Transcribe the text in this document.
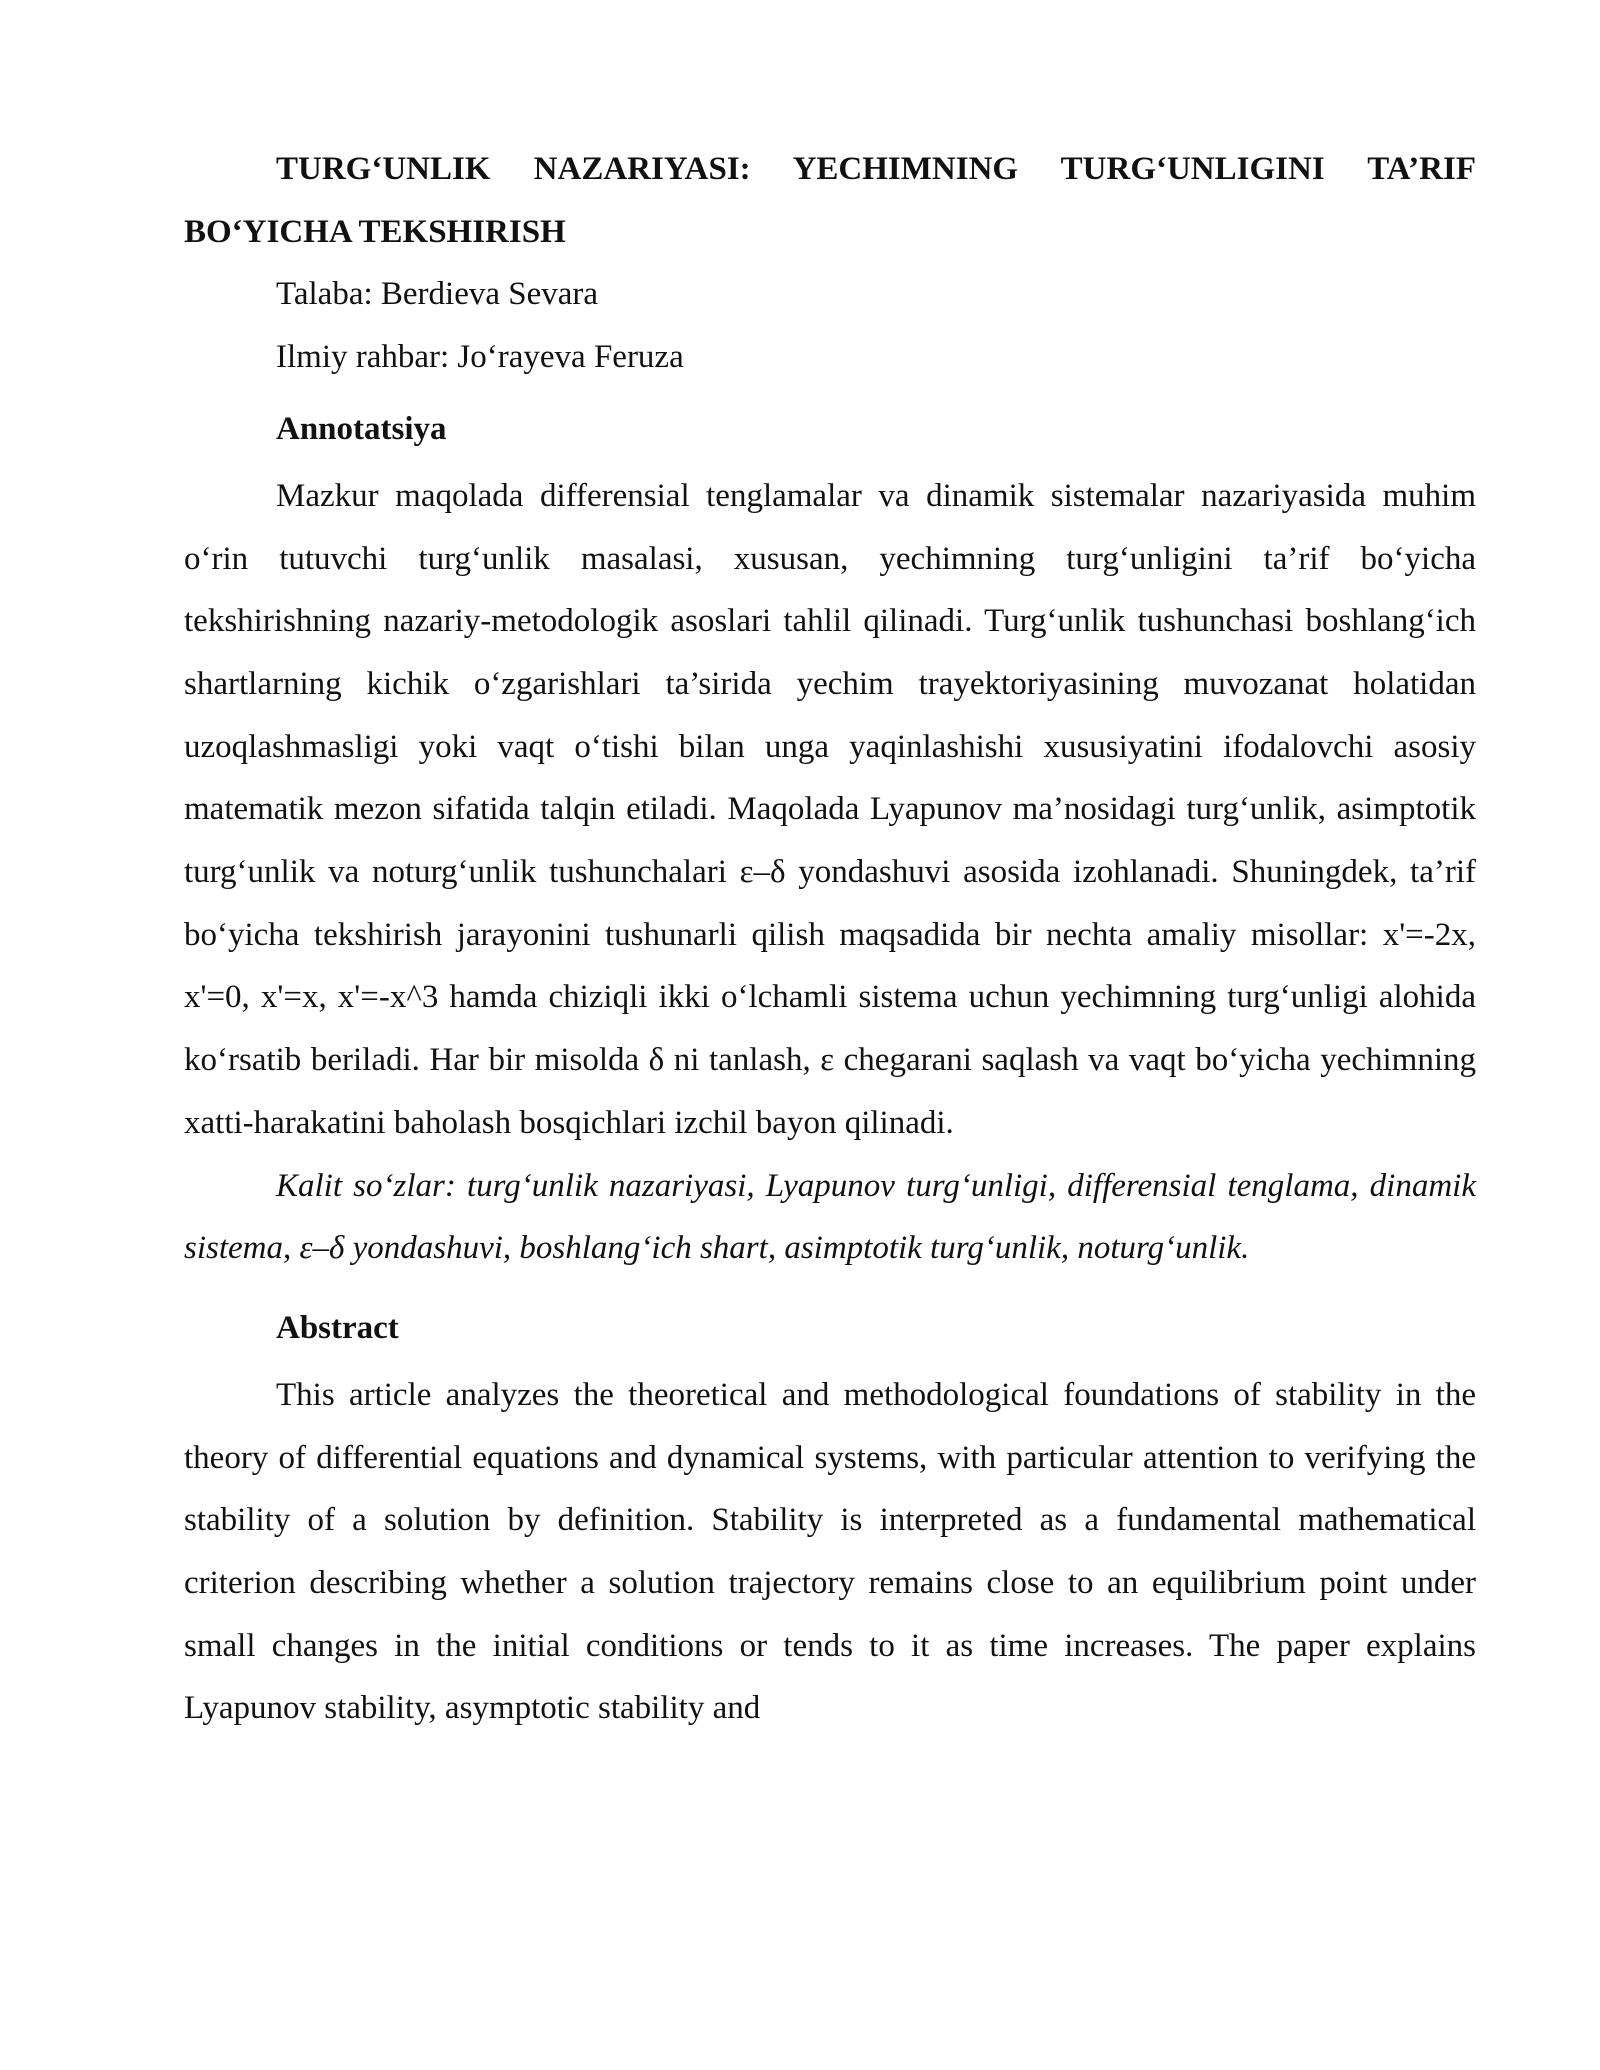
TURG‘UNLIK NAZARIYASI: YECHIMNING TURG‘UNLIGINI TA’RIF BO‘YICHA TEKSHIRISH

Talaba: Berdieva Sevara

Ilmiy rahbar: Jo‘rayeva Feruza

Annotatsiya

Mazkur maqolada differensial tenglamalar va dinamik sistemalar nazariyasida muhim o‘rin tutuvchi turg‘unlik masalasi, xususan, yechimning turg‘unligini ta’rif bo‘yicha tekshirishning nazariy-metodologik asoslari tahlil qilinadi. Turg‘unlik tushunchasi boshlang‘ich shartlarning kichik o‘zgarishlari ta’sirida yechim trayektoriyasining muvozanat holatidan uzoqlashmasligi yoki vaqt o‘tishi bilan unga yaqinlashishi xususiyatini ifodalovchi asosiy matematik mezon sifatida talqin etiladi. Maqolada Lyapunov ma’nosidagi turg‘unlik, asimptotik turg‘unlik va noturg‘unlik tushunchalari ε–δ yondashuvi asosida izohlanadi. Shuningdek, ta’rif bo‘yicha tekshirish jarayonini tushunarli qilish maqsadida bir nechta amaliy misollar: x'=-2x, x'=0, x'=x, x'=-x^3 hamda chiziqli ikki o‘lchamli sistema uchun yechimning turg‘unligi alohida ko‘rsatib beriladi. Har bir misolda δ ni tanlash, ε chegarani saqlash va vaqt bo‘yicha yechimning xatti-harakatini baholash bosqichlari izchil bayon qilinadi.

Kalit so‘zlar: turg‘unlik nazariyasi, Lyapunov turg‘unligi, differensial tenglama, dinamik sistema, ε–δ yondashuvi, boshlang‘ich shart, asimptotik turg‘unlik, noturg‘unlik.

Abstract

This article analyzes the theoretical and methodological foundations of stability in the theory of differential equations and dynamical systems, with particular attention to verifying the stability of a solution by definition. Stability is interpreted as a fundamental mathematical criterion describing whether a solution trajectory remains close to an equilibrium point under small changes in the initial conditions or tends to it as time increases. The paper explains Lyapunov stability, asymptotic stability and
